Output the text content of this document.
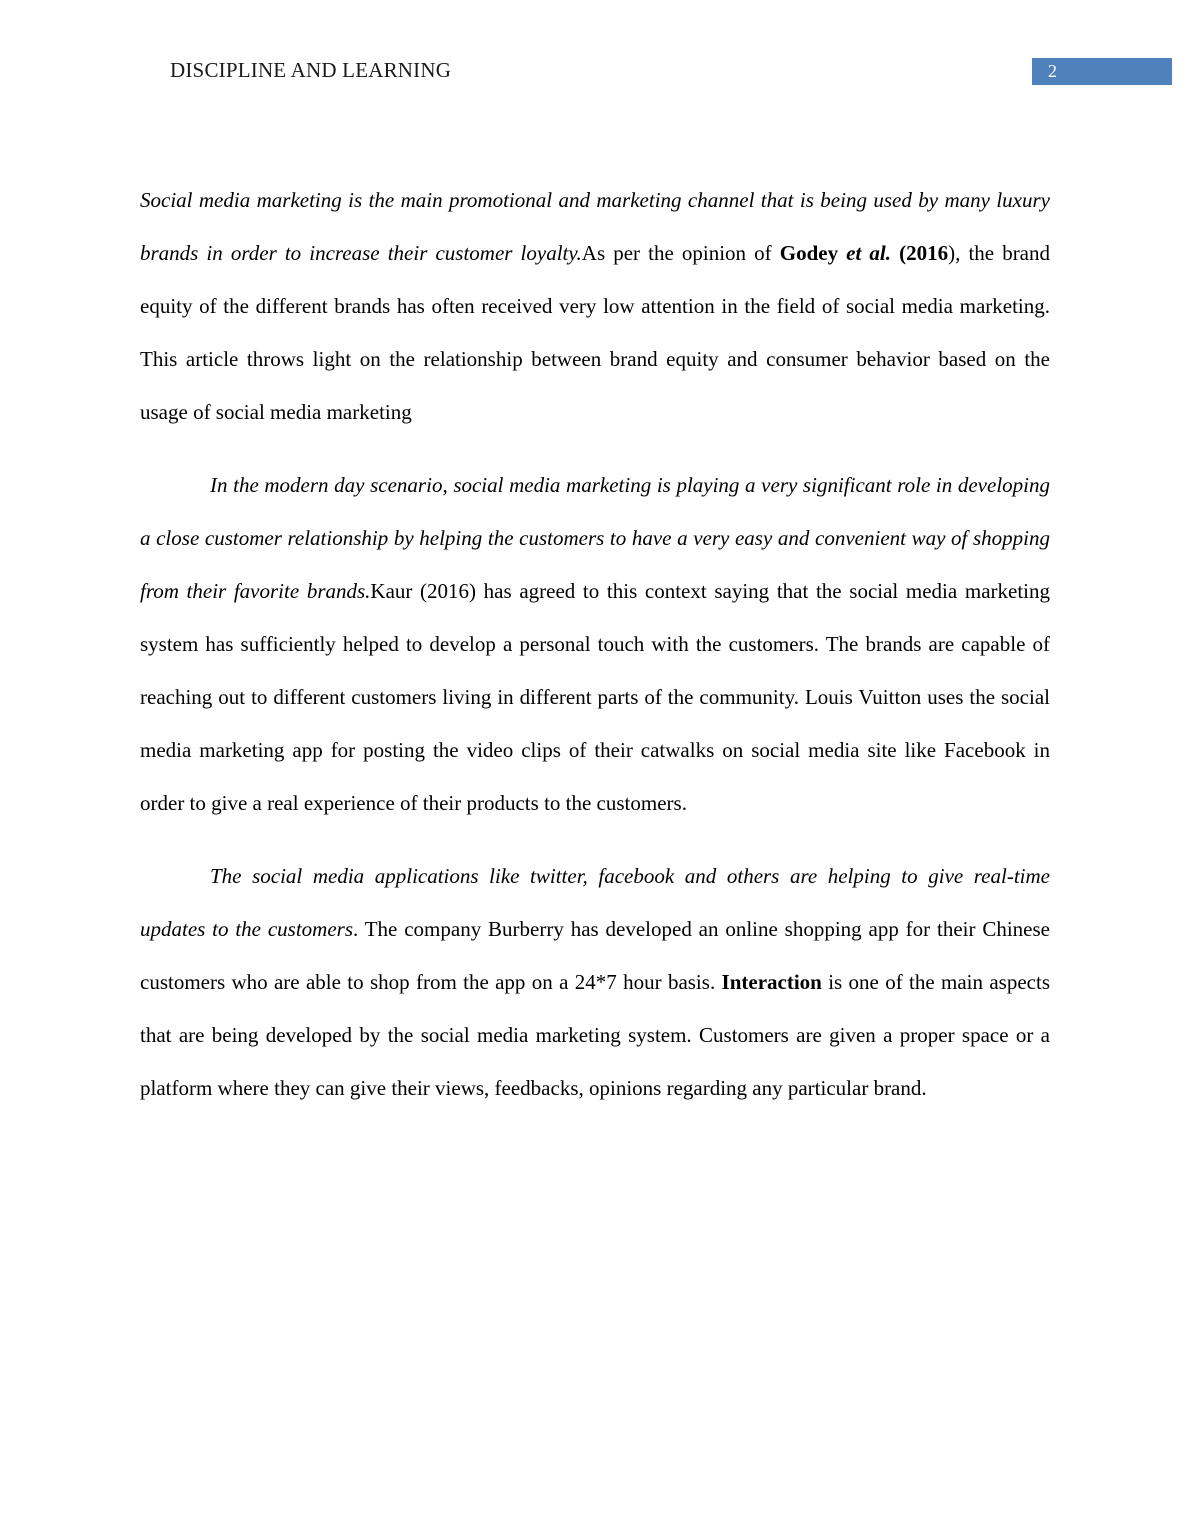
DISCIPLINE AND LEARNING	2

Social media marketing is the main promotional and marketing channel that is being used by many luxury brands in order to increase their customer loyalty.As per the opinion of Godey et al. (2016), the brand equity of the different brands has often received very low attention in the field of social media marketing. This article throws light on the relationship between brand equity and consumer behavior based on the usage of social media marketing

In the modern day scenario, social media marketing is playing a very significant role in developing a close customer relationship by helping the customers to have a very easy and convenient way of shopping from their favorite brands.Kaur (2016) has agreed to this context saying that the social media marketing system has sufficiently helped to develop a personal touch with the customers. The brands are capable of reaching out to different customers living in different parts of the community. Louis Vuitton uses the social media marketing app for posting the video clips of their catwalks on social media site like Facebook in order to give a real experience of their products to the customers.

The social media applications like twitter, facebook and others are helping to give real-time updates to the customers. The company Burberry has developed an online shopping app for their Chinese customers who are able to shop from the app on a 24*7 hour basis. Interaction is one of the main aspects that are being developed by the social media marketing system. Customers are given a proper space or a platform where they can give their views, feedbacks, opinions regarding any particular brand.
